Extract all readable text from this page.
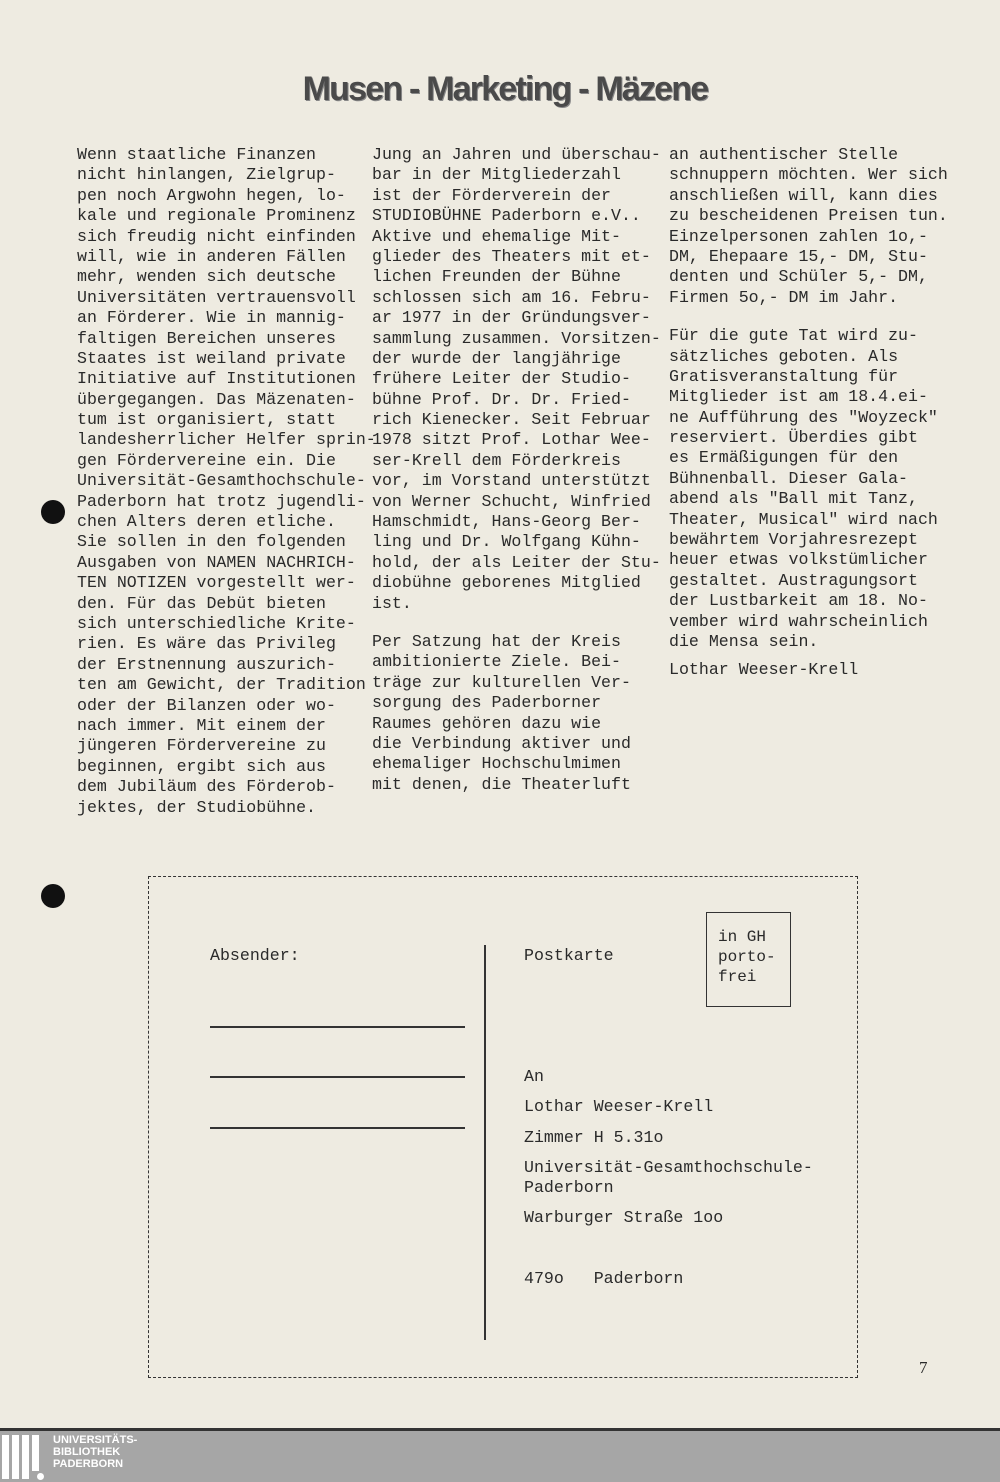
Musen - Marketing - Mäzene
Wenn staatliche Finanzen
nicht hinlangen, Zielgrup-
pen noch Argwohn hegen, lo-
kale und regionale Prominenz
sich freudig nicht einfinden
will, wie in anderen Fällen
mehr, wenden sich deutsche
Universitäten vertrauensvoll
an Förderer. Wie in mannig-
faltigen Bereichen unseres
Staates ist weiland private
Initiative auf Institutionen
übergegangen. Das Mäzenaten-
tum ist organisiert, statt
landesherrlicher Helfer sprin-
gen Fördervereine ein. Die
Universität-Gesamthochschule-
Paderborn hat trotz jugendli-
chen Alters deren etliche.
Sie sollen in den folgenden
Ausgaben von NAMEN NACHRICH-
TEN NOTIZEN vorgestellt wer-
den. Für das Debüt bieten
sich unterschiedliche Krite-
rien. Es wäre das Privileg
der Erstnennung auszurich-
ten am Gewicht, der Tradition
oder der Bilanzen oder wo-
nach immer. Mit einem der
jüngeren Fördervereine zu
beginnen, ergibt sich aus
dem Jubiläum des Förderob-
jektes, der Studiobühne.
Jung an Jahren und überschau-
bar in der Mitgliederzahl
ist der Förderverein der
STUDIOBÜHNE Paderborn e.V..
Aktive und ehemalige Mit-
glieder des Theaters mit et-
lichen Freunden der Bühne
schlossen sich am 16. Febru-
ar 1977 in der Gründungsver-
sammlung zusammen. Vorsitzen-
der wurde der langjährige
frühere Leiter der Studio-
bühne Prof. Dr. Dr. Fried-
rich Kienecker. Seit Februar
1978 sitzt Prof. Lothar Wee-
ser-Krell dem Förderkreis
vor, im Vorstand unterstützt
von Werner Schucht, Winfried
Hamschmidt, Hans-Georg Ber-
ling und Dr. Wolfgang Kühn-
hold, der als Leiter der Stu-
diobühne geborenes Mitglied
ist.
Per Satzung hat der Kreis
ambitionierte Ziele. Bei-
träge zur kulturellen Ver-
sorgung des Paderborner
Raumes gehören dazu wie
die Verbindung aktiver und
ehemaliger Hochschulmimen
mit denen, die Theaterluft
an authentischer Stelle
schnuppern möchten. Wer sich
anschließen will, kann dies
zu bescheidenen Preisen tun.
Einzelpersonen zahlen 1o,-
DM, Ehepaare 15,- DM, Stu-
denten und Schüler 5,- DM,
Firmen 5o,- DM im Jahr.
Für die gute Tat wird zu-
sätzliches geboten. Als
Gratisveranstaltung für
Mitglieder ist am 18.4.ei-
ne Aufführung des "Woyzeck"
reserviert. Überdies gibt
es Ermäßigungen für den
Bühnenball. Dieser Gala-
abend als "Ball mit Tanz,
Theater, Musical" wird nach
bewährtem Vorjahresrezept
heuer etwas volkstümlicher
gestaltet. Austragungsort
der Lustbarkeit am 18. No-
vember wird wahrscheinlich
die Mensa sein.
Lothar Weeser-Krell
Absender:	Postkarte
in GH
porto-
frei
An
Lothar Weeser-Krell
Zimmer H 5.31o
Universität-Gesamthochschule-
Paderborn
Warburger Straße 1oo
479o   Paderborn
7
UNIVERSITÄTS-
BIBLIOTHEK
PADERBORN
